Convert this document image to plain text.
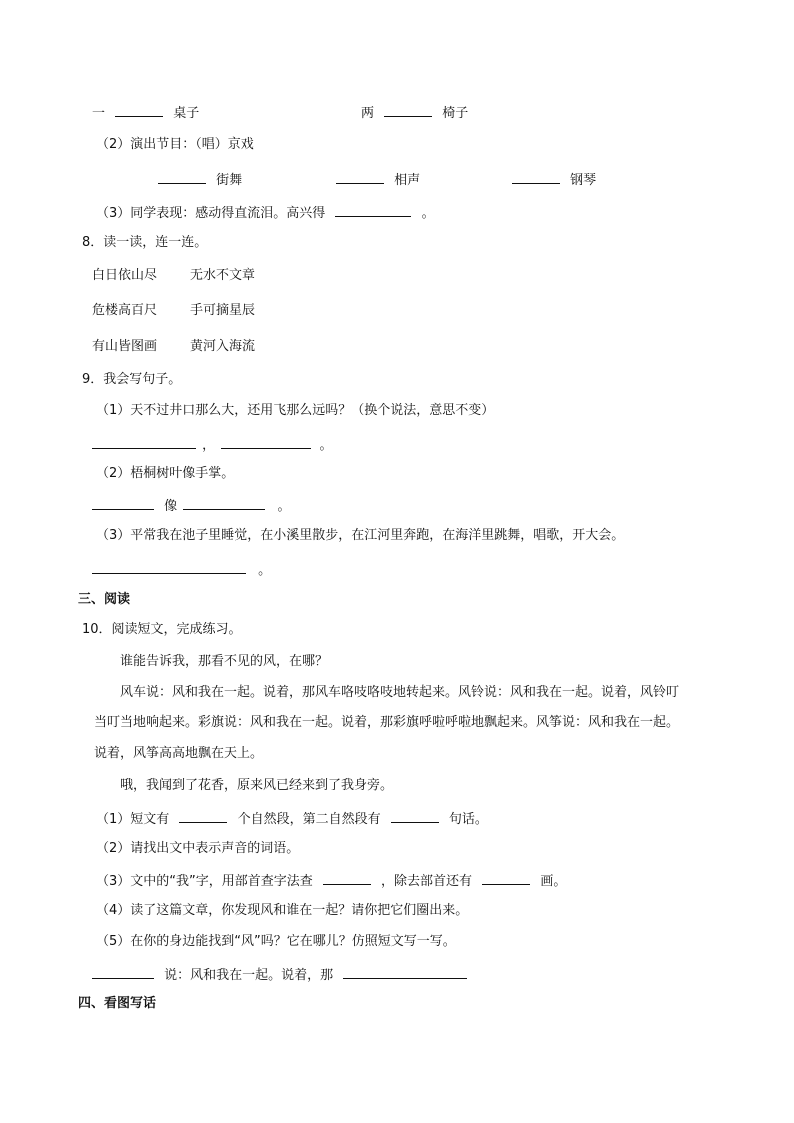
一	桌子	两	椅子
（2）演出节目：（唱）京戏
街舞	相声	钢琴
（3）同学表现：感动得直流泪。高兴得	。
8．读一读，连一连。
白日依山尽	无水不文章
危楼高百尺	手可摘星辰
有山皆图画	黄河入海流
9．我会写句子。
（1）天不过井口那么大，还用飞那么远吗？（换个说法，意思不变）
，	。
（2）梧桐树叶像手掌。
像	。
（3）平常我在池子里睡觉，在小溪里散步，在江河里奔跑，在海洋里跳舞，唱歌，开大会。
。
三、阅读
10．阅读短文，完成练习。
谁能告诉我，那看不见的风，在哪？
风车说：风和我在一起。说着，那风车咯吱咯吱地转起来。风铃说：风和我在一起。说着，风铃叮
当叮当地响起来。彩旗说：风和我在一起。说着，那彩旗呼啦呼啦地飘起来。风筝说：风和我在一起。
说着，风筝高高地飘在天上。
哦，我闻到了花香，原来风已经来到了我身旁。
（1）短文有	个自然段，第二自然段有	句话。
（2）请找出文中表示声音的词语。
（3）文中的“我”字，用部首查字法查	，除去部首还有	画。
（4）读了这篇文章，你发现风和谁在一起？请你把它们圈出来。
（5）在你的身边能找到“风”吗？它在哪儿？仿照短文写一写。
说：风和我在一起。说着，那
四、看图写话
